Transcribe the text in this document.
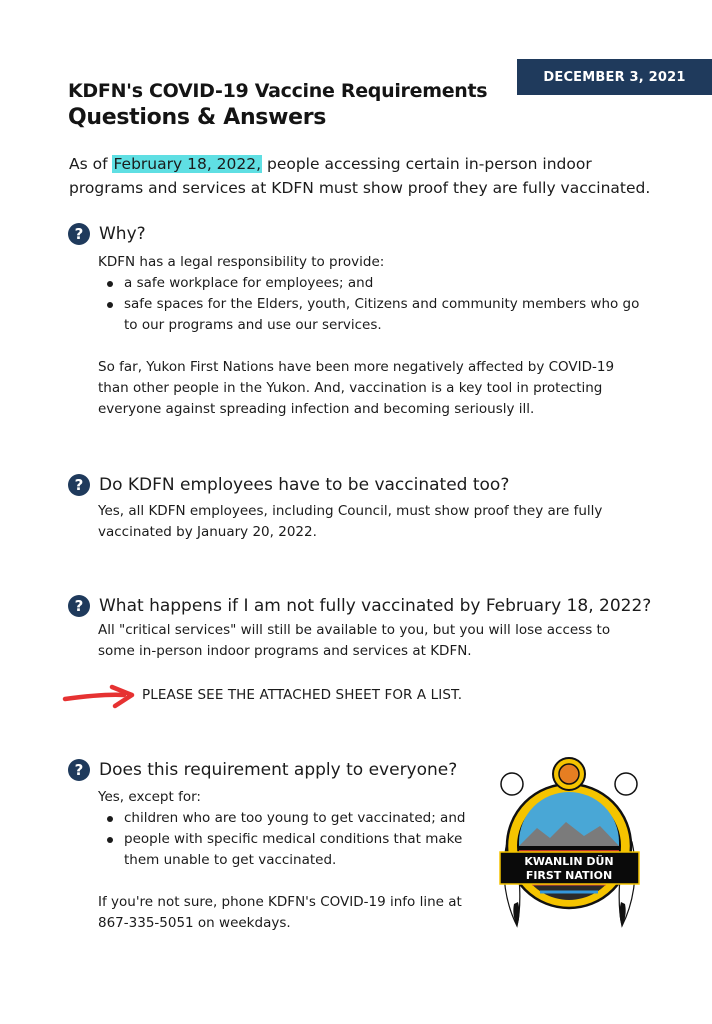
DECEMBER 3, 2021
KDFN's COVID-19 Vaccine Requirements
Questions & Answers

As of February 18, 2022, people accessing certain in-person indoor programs and services at KDFN must show proof they are fully vaccinated.

? Why?

KDFN has a legal responsibility to provide:

a safe workplace for employees; and
safe spaces for the Elders, youth, Citizens and community members who go to our programs and use our services.

So far, Yukon First Nations have been more negatively affected by COVID-19 than other people in the Yukon. And, vaccination is a key tool in protecting everyone against spreading infection and becoming seriously ill.

? Do KDFN employees have to be vaccinated too?

Yes, all KDFN employees, including Council, must show proof they are fully vaccinated by January 20, 2022.

? What happens if I am not fully vaccinated by February 18, 2022?

All "critical services" will still be available to you, but you will lose access to some in-person indoor programs and services at KDFN.

PLEASE SEE THE ATTACHED SHEET FOR A LIST.
? Does this requirement apply to everyone?

Yes, except for:

children who are too young to get vaccinated; and
people with specific medical conditions that make them unable to get vaccinated.

If you're not sure, phone KDFN's COVID-19 info line at 867-335-5051 on weekdays.

KWANLIN DÜN
FIRST NATION
